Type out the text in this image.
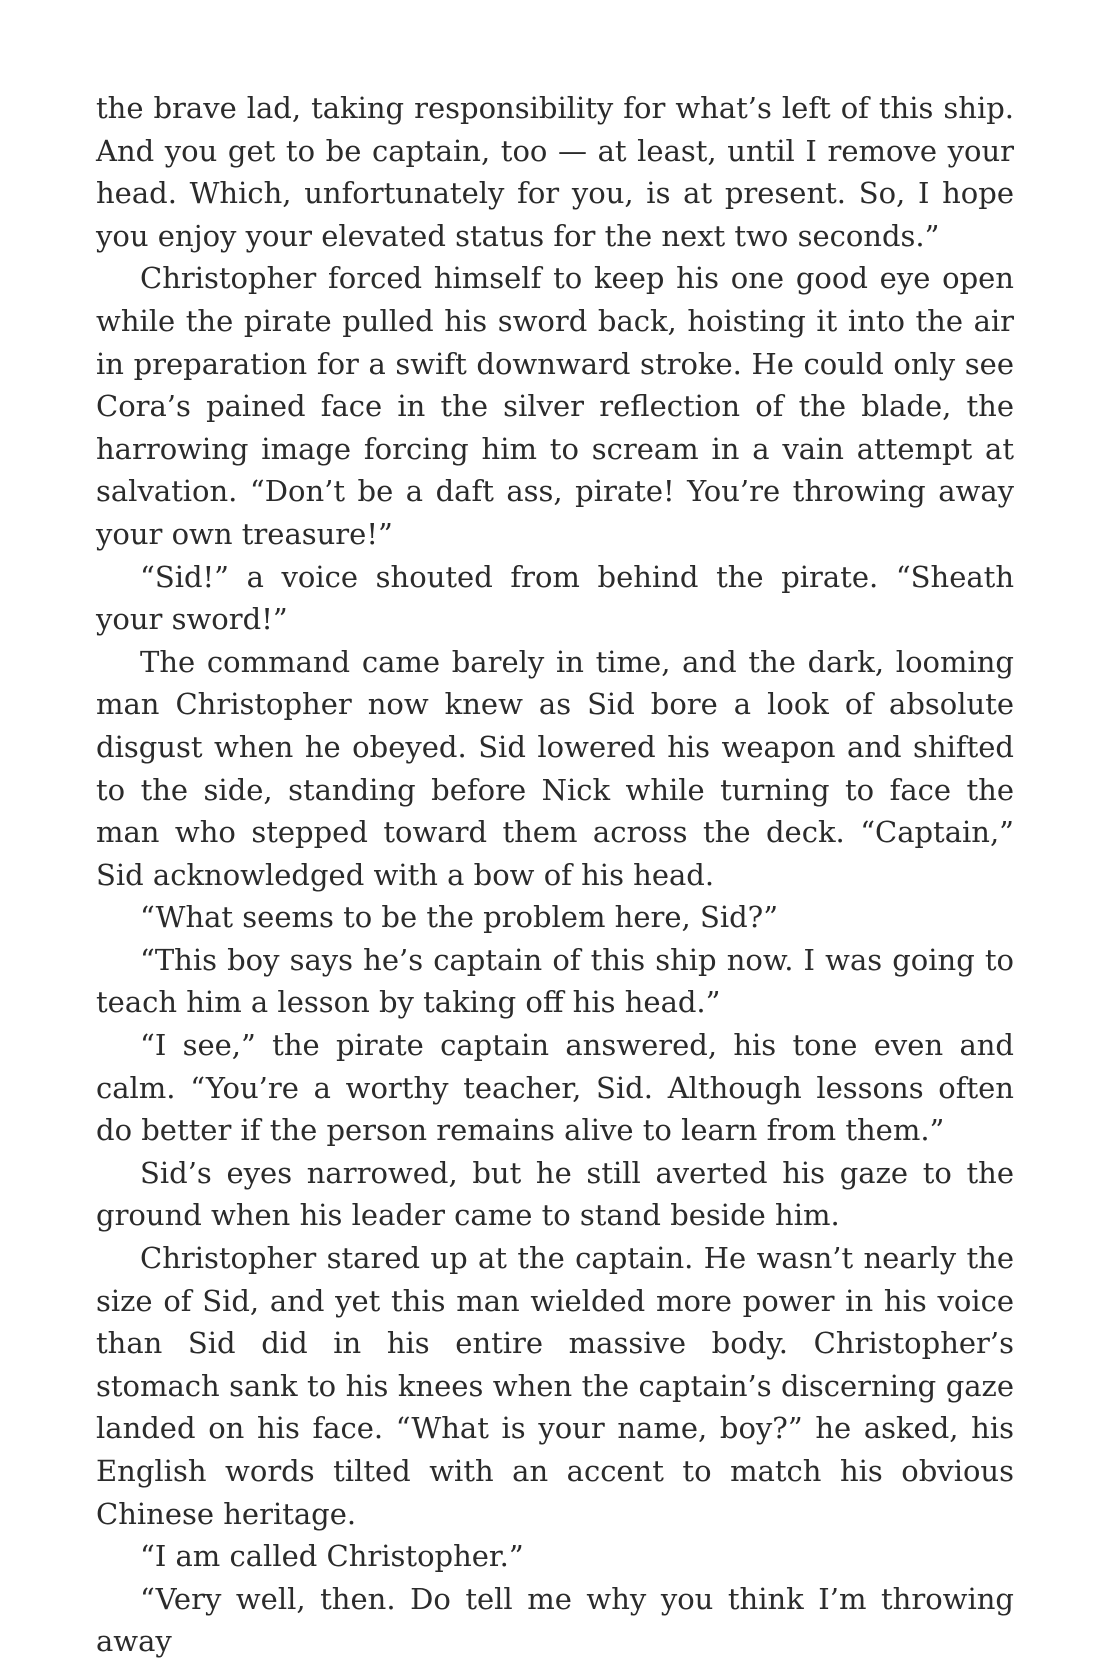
the brave lad, taking responsibility for what’s left of this ship. And you get to be captain, too — at least, until I remove your head. Which, unfortunately for you, is at present. So, I hope you enjoy your elevated status for the next two seconds.”

Christopher forced himself to keep his one good eye open while the pirate pulled his sword back, hoisting it into the air in preparation for a swift downward stroke. He could only see Cora’s pained face in the silver reflection of the blade, the harrowing image forcing him to scream in a vain attempt at salvation. “Don’t be a daft ass, pirate! You’re throwing away your own treasure!”

“Sid!” a voice shouted from behind the pirate. “Sheath your sword!”

The command came barely in time, and the dark, looming man Christopher now knew as Sid bore a look of absolute disgust when he obeyed. Sid lowered his weapon and shifted to the side, standing before Nick while turning to face the man who stepped toward them across the deck. “Captain,” Sid acknowledged with a bow of his head.

“What seems to be the problem here, Sid?”

“This boy says he’s captain of this ship now. I was going to teach him a lesson by taking off his head.”

“I see,” the pirate captain answered, his tone even and calm. “You’re a worthy teacher, Sid. Although lessons often do better if the person remains alive to learn from them.”

Sid’s eyes narrowed, but he still averted his gaze to the ground when his leader came to stand beside him.

Christopher stared up at the captain. He wasn’t nearly the size of Sid, and yet this man wielded more power in his voice than Sid did in his entire massive body. Christopher’s stomach sank to his knees when the captain’s discerning gaze landed on his face. “What is your name, boy?” he asked, his English words tilted with an accent to match his obvious Chinese heritage.

“I am called Christopher.”

“Very well, then. Do tell me why you think I’m throwing away
